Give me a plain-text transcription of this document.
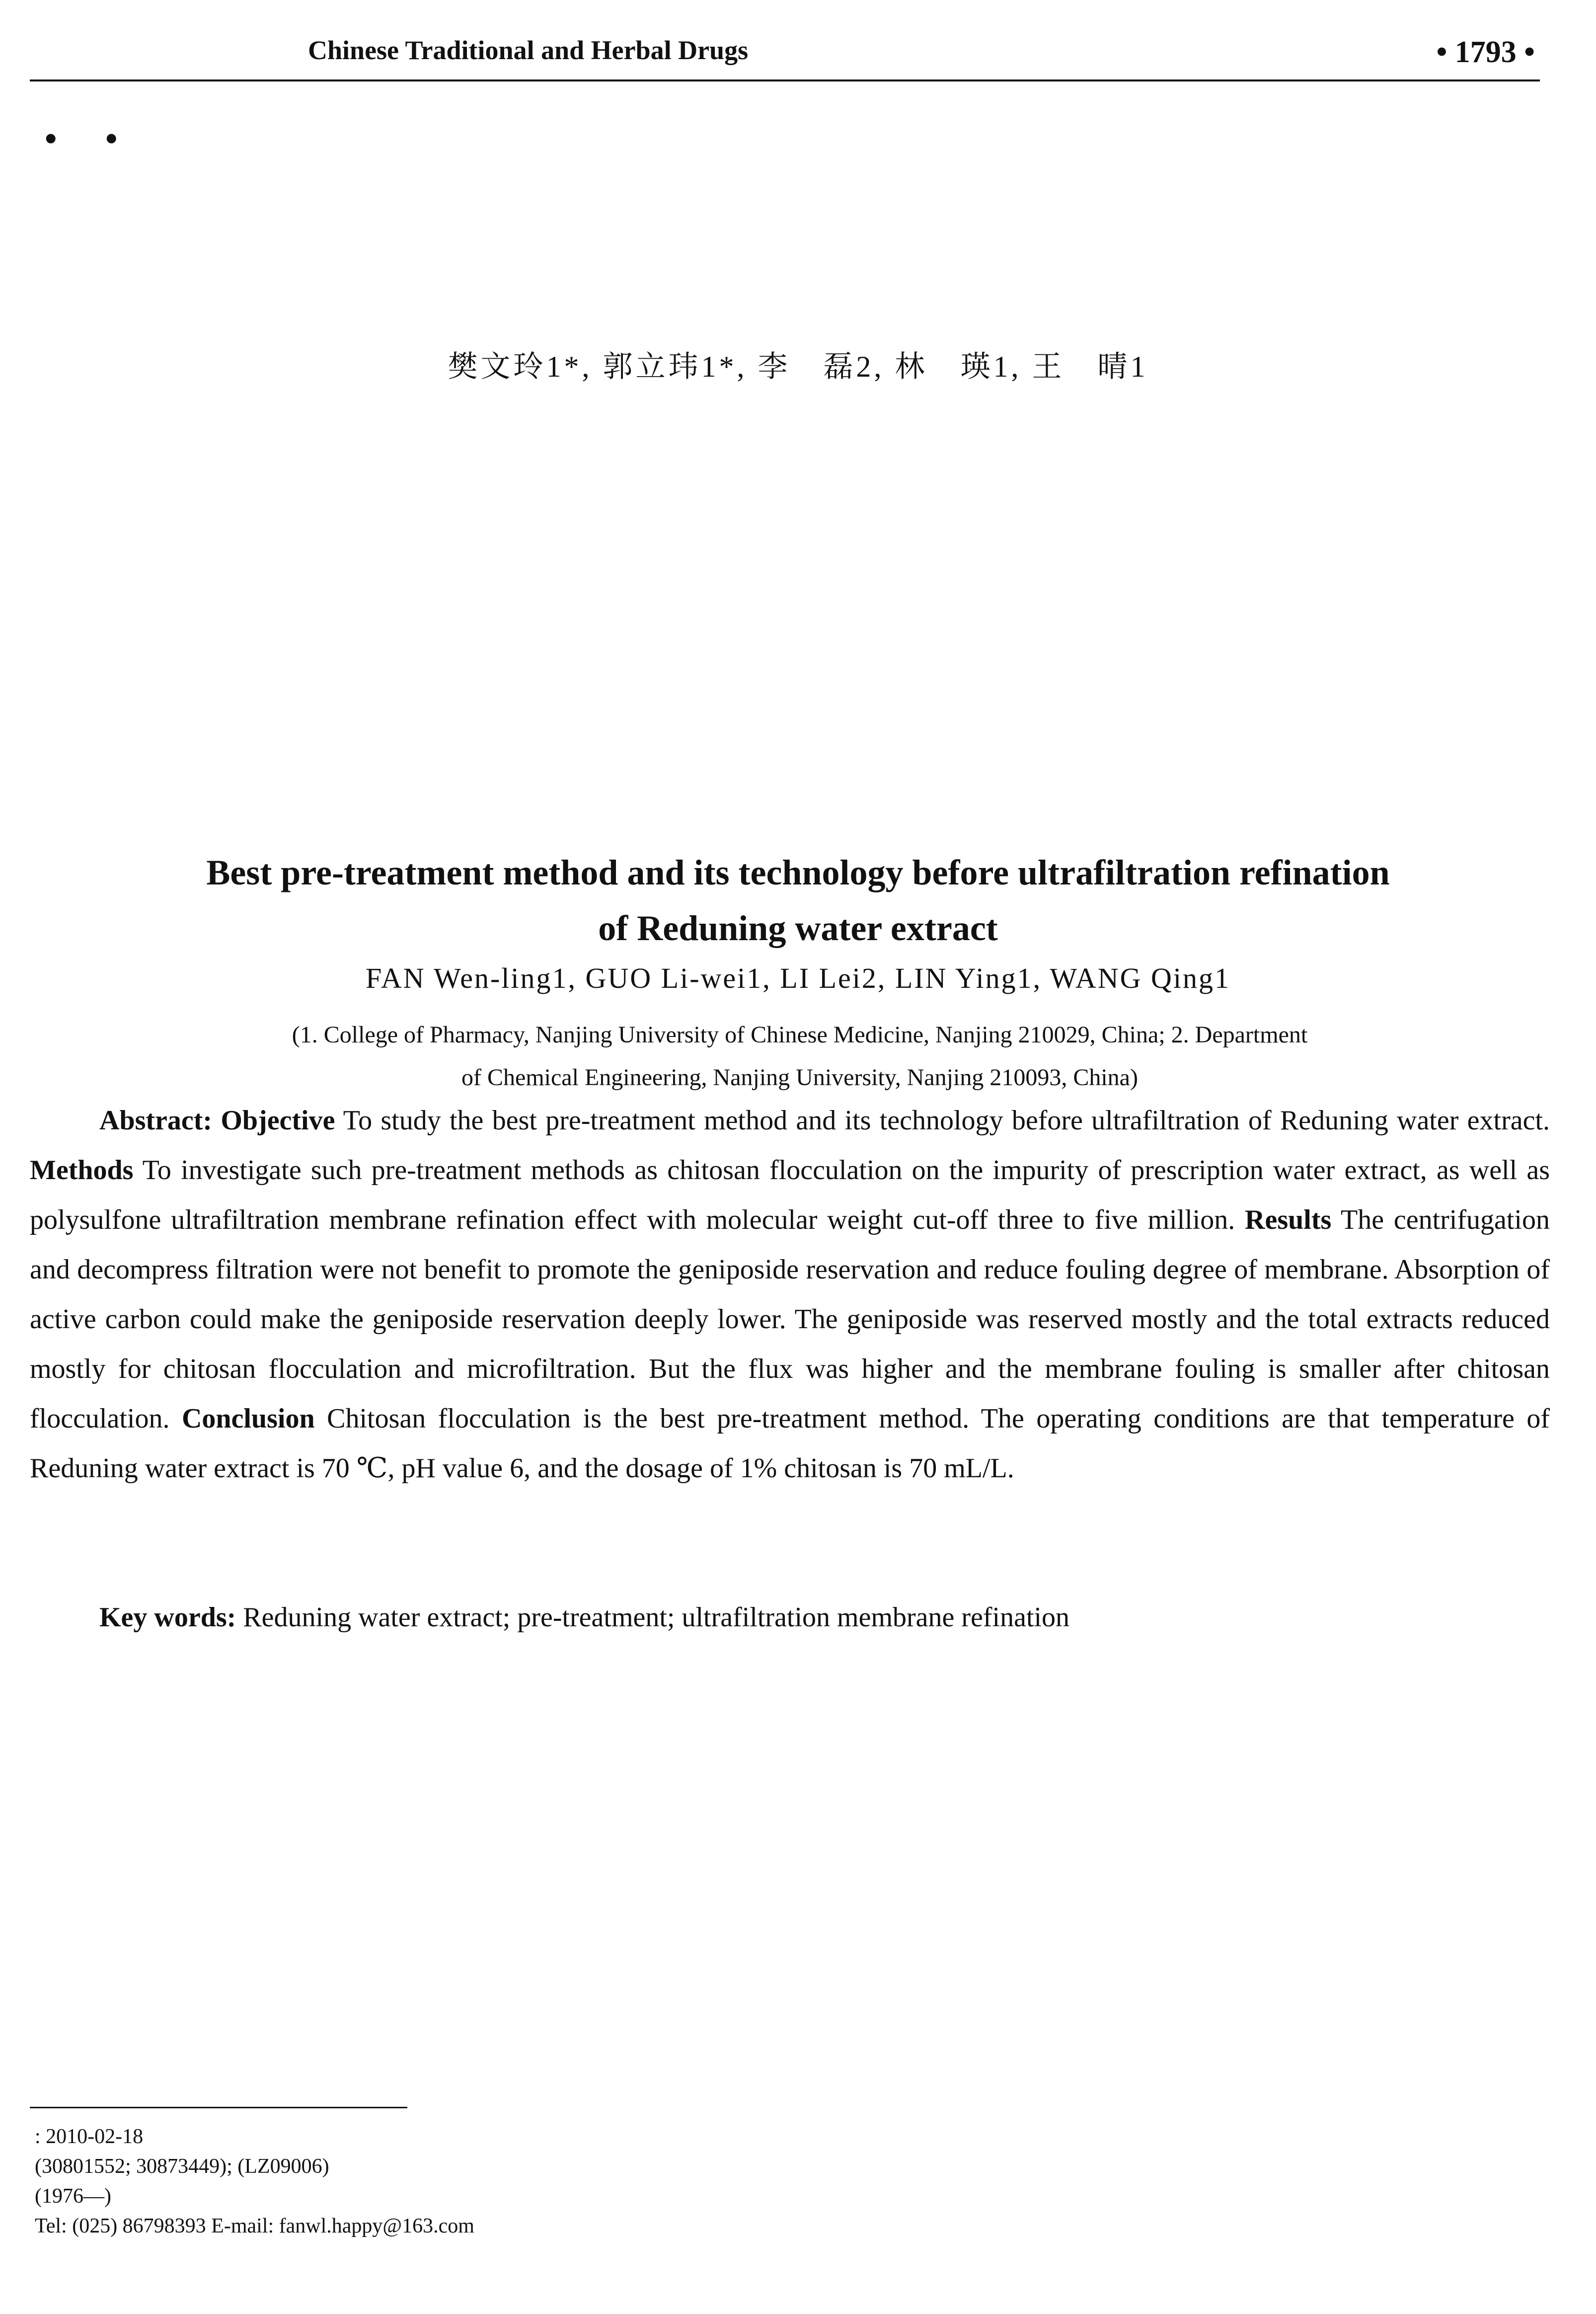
Chinese Traditional and Herbal Drugs	• 1793 •
• •
樊文玲1*, 郭立玮1*, 李　磊2, 林　瑛1, 王　晴1
Best pre-treatment method and its technology before ultrafiltration refination
of Reduning water extract
FAN Wen-ling1, GUO Li-wei1, LI Lei2, LIN Ying1, WANG Qing1
(1. College of Pharmacy, Nanjing University of Chinese Medicine, Nanjing 210029, China; 2. Department
of Chemical Engineering, Nanjing University, Nanjing 210093, China)
Abstract: Objective To study the best pre-treatment method and its technology before ultrafiltration of Reduning water extract. Methods To investigate such pre-treatment methods as chitosan flocculation on the impurity of prescription water extract, as well as polysulfone ultrafiltration membrane refination effect with molecular weight cut-off three to five million. Results The centrifugation and decompress filtration were not benefit to promote the geniposide reservation and reduce fouling degree of membrane. Absorption of active carbon could make the geniposide reservation deeply lower. The geniposide was reserved mostly and the total extracts reduced mostly for chitosan flocculation and microfiltration. But the flux was higher and the membrane fouling is smaller after chitosan flocculation. Conclusion Chitosan flocculation is the best pre-treatment method. The operating conditions are that temperature of Reduning water extract is 70 ℃, pH value 6, and the dosage of 1% chitosan is 70 mL/L.
Key words: Reduning water extract; pre-treatment; ultrafiltration membrane refination
: 2010-02-18
(30801552; 30873449); (LZ09006)
(1976—)
Tel: (025) 86798393 E-mail: fanwl.happy@163.com
